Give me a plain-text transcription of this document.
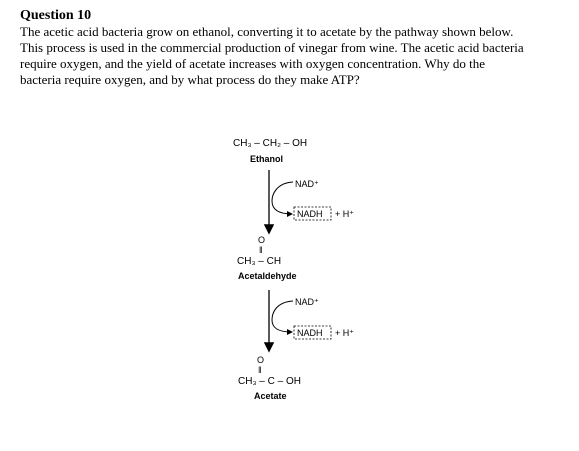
Question 10

The acetic acid bacteria grow on ethanol, converting it to acetate by the pathway shown below.

This process is used in the commercial production of vinegar from wine. The acetic acid bacteria

require oxygen, and the yield of acetate increases with oxygen concentration. Why do the

bacteria require oxygen, and by what process do they make ATP?

CH₃ – CH₂ – OH
Ethanol
NAD⁺
NADH + H⁺
O
‖
CH₃ – CH
Acetaldehyde
NAD⁺
NADH + H⁺
O
‖
CH₃ – C – OH
Acetate
